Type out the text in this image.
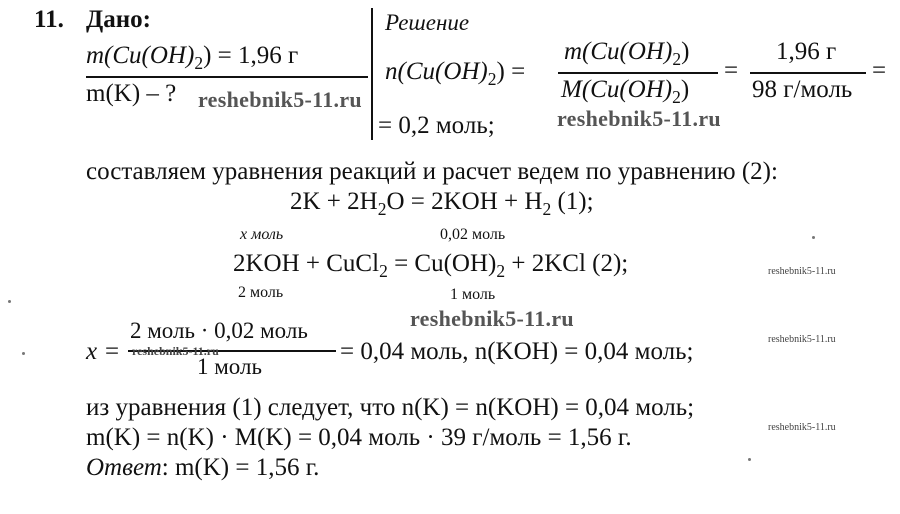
11. Дано:
$m(Cu(OH)_2) = 1,96$ г
m(K) – ?
Решение
$n(Cu(OH)_2)$ =
$m(Cu(OH)_2)$
$M(Cu(OH)_2)$
=
1,96 г
98 г/моль
=
= 0,2 моль;
составляем уравнения реакций и расчет ведем по уравнению (2):
$2K + 2H_2O = 2KOH + H_2$ (1);
x моль	0,02 моль
2KOH + CuCl$_2$ = $Cu(OH)_2 + 2KCl$ (2);
2 моль	1 моль
x =
2 моль · 0,02 моль
1 моль
= 0,04 моль, n(KOH) = 0,04 моль;
из уравнения (1) следует, что n(K) = n(KOH) = 0,04 моль;
m(K) = n(K) · M(K) = 0,04 моль · 39 г/моль = 1,56 г.
Ответ: m(K) = 1,56 г.
reshebnik5-11.ru
reshebnik5-11.ru
reshebnik5-11.ru
reshebnik5-11.ru
reshebnik5-11.ru
reshebnik5-11.ru
reshebnik5-11.ru
